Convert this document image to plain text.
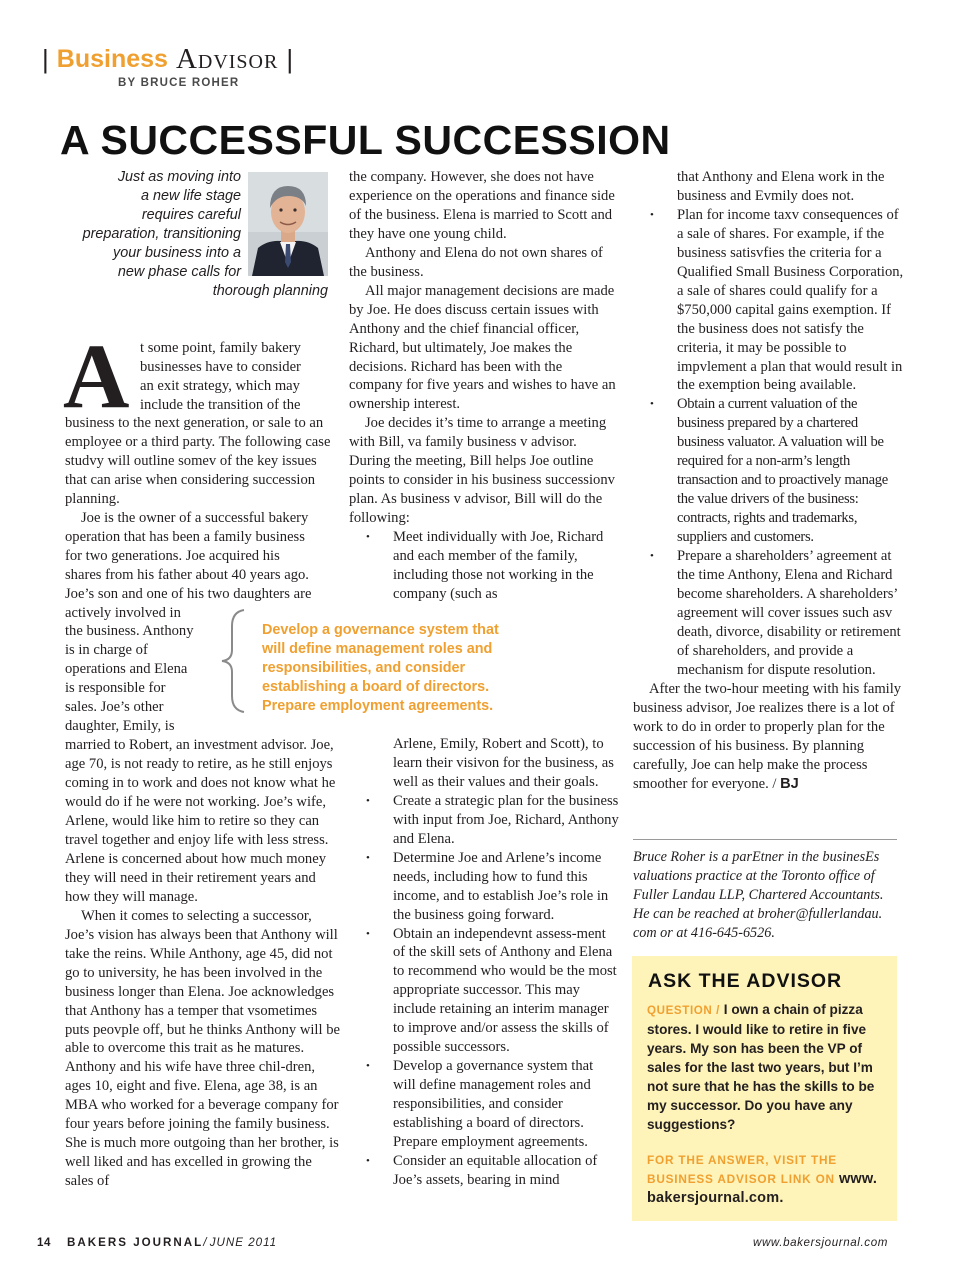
| Business Advisor |
BY BRUCE ROHER
A SUCCESSFUL SUCCESSION
Just as moving into
a new life stage
requires careful
preparation, transitioning
your business into a
new phase calls for
thorough planning
A t some point, family bakery
businesses have to consider
an exit strategy, which may
include the transition of the

business to the next generation, or sale to an employee or a third party. The following case studvy will outline somev of the key issues that can arise when considering succession planning.

Joe is the owner of a successful bakery
operation that has been a family business
for two generations. Joe acquired his
shares from his father about 40 years ago.
Joe’s son and one of his two daughters are
actively involved in
the business. Anthony
is in charge of
operations and Elena
is responsible for
sales. Joe’s other
daughter, Emily, is

married to Robert, an investment advisor. Joe, age 70, is not ready to retire, as he still enjoys coming in to work and does not know what he would do if he were not working. Joe’s wife, Arlene, would like him to retire so they can travel together and enjoy life with less stress. Arlene is concerned about how much money they will need in their retirement years and how they will manage.

When it comes to selecting a successor, Joe’s vision has always been that Anthony will take the reins. While Anthony, age 45, did not go to university, he has been involved in the business longer than Elena. Joe acknowledges that Anthony has a temper that vsometimes puts peovple off, but he thinks Anthony will be able to overcome this trait as he matures. Anthony and his wife have three chil-dren, ages 10, eight and five. Elena, age 38, is an MBA who worked for a beverage company for four years before joining the family business. She is much more outgoing than her brother, is well liked and has excelled in growing the sales of

Develop a governance system that
will define management roles and
responsibilities, and consider
establishing a board of directors.
Prepare employment agreements.

the company. However, she does not have experience on the operations and finance side of the business. Elena is married to Scott and they have one young child.

Anthony and Elena do not own shares of the business.

All major management decisions are made by Joe. He does discuss certain issues with Anthony and the chief financial officer, Richard, but ultimately, Joe makes the decisions. Richard has been with the company for five years and wishes to have an ownership interest.

Joe decides it’s time to arrange a meeting with Bill, va family business v advisor. During the meeting, Bill helps Joe outline points to consider in his business successionv plan. As business v advisor, Bill will do the following:

• Meet individually with Joe, Richard and each member of the family, including those not working in the company (such as

Arlene, Emily, Robert and Scott), to learn their visivon for the business, as well as their values and their goals.

• Create a strategic plan for the business with input from Joe, Richard, Anthony and Elena.
• Determine Joe and Arlene’s income needs, including how to fund this income, and to establish Joe’s role in the business going forward.
• Obtain an independevnt assess-ment of the skill sets of Anthony and Elena to recommend who would be the most appropriate successor. This may include retaining an interim manager to improve and/or assess the skills of possible successors.
• Develop a governance system that will define management roles and responsibilities, and consider establishing a board of directors. Prepare employment agreements.
• Consider an equitable allocation of Joe’s assets, bearing in mind

that Anthony and Elena work in the business and Evmily does not.

• Plan for income taxv consequences of a sale of shares. For example, if the business satisvfies the criteria for a Qualified Small Business Corporation, a sale of shares could qualify for a $750,000 capital gains exemption. If the business does not satisfy the criteria, it may be possible to impvlement a plan that would result in the exemption being available.
• Obtain a current valuation of the business prepared by a chartered business valuator. A valuation will be required for a non-arm’s length transaction and to proactively manage the value drivers of the business: contracts, rights and trademarks, suppliers and customers.
• Prepare a shareholders’ agreement at the time Anthony, Elena and Richard become shareholders. A shareholders’ agreement will cover issues such asv death, divorce, disability or retirement of shareholders, and provide a mechanism for dispute resolution.

After the two-hour meeting with his family business advisor, Joe realizes there is a lot of work to do in order to properly plan for the succession of his business. By planning carefully, Joe can help make the process smoother for everyone. / BJ

Bruce Roher is a parEtner in the businesEs valuations practice at the Toronto office of Fuller Landau LLP, Chartered Accountants. He can be reached at broher@fullerlandau. com or at 416-645-6526.
ASK THE ADVISOR
QUESTION / I own a chain of pizza stores. I would like to retire in five years. My son has been the VP of sales for the last two years, but I’m not sure that he has the skills to be my successor. Do you have any suggestions?
FOR THE ANSWER, VISIT THE BUSINESS ADVISOR LINK ON www. bakersjournal.com.
14 BAKERS JOURNAL/ JUNE 2011	www.bakersjournal.com
